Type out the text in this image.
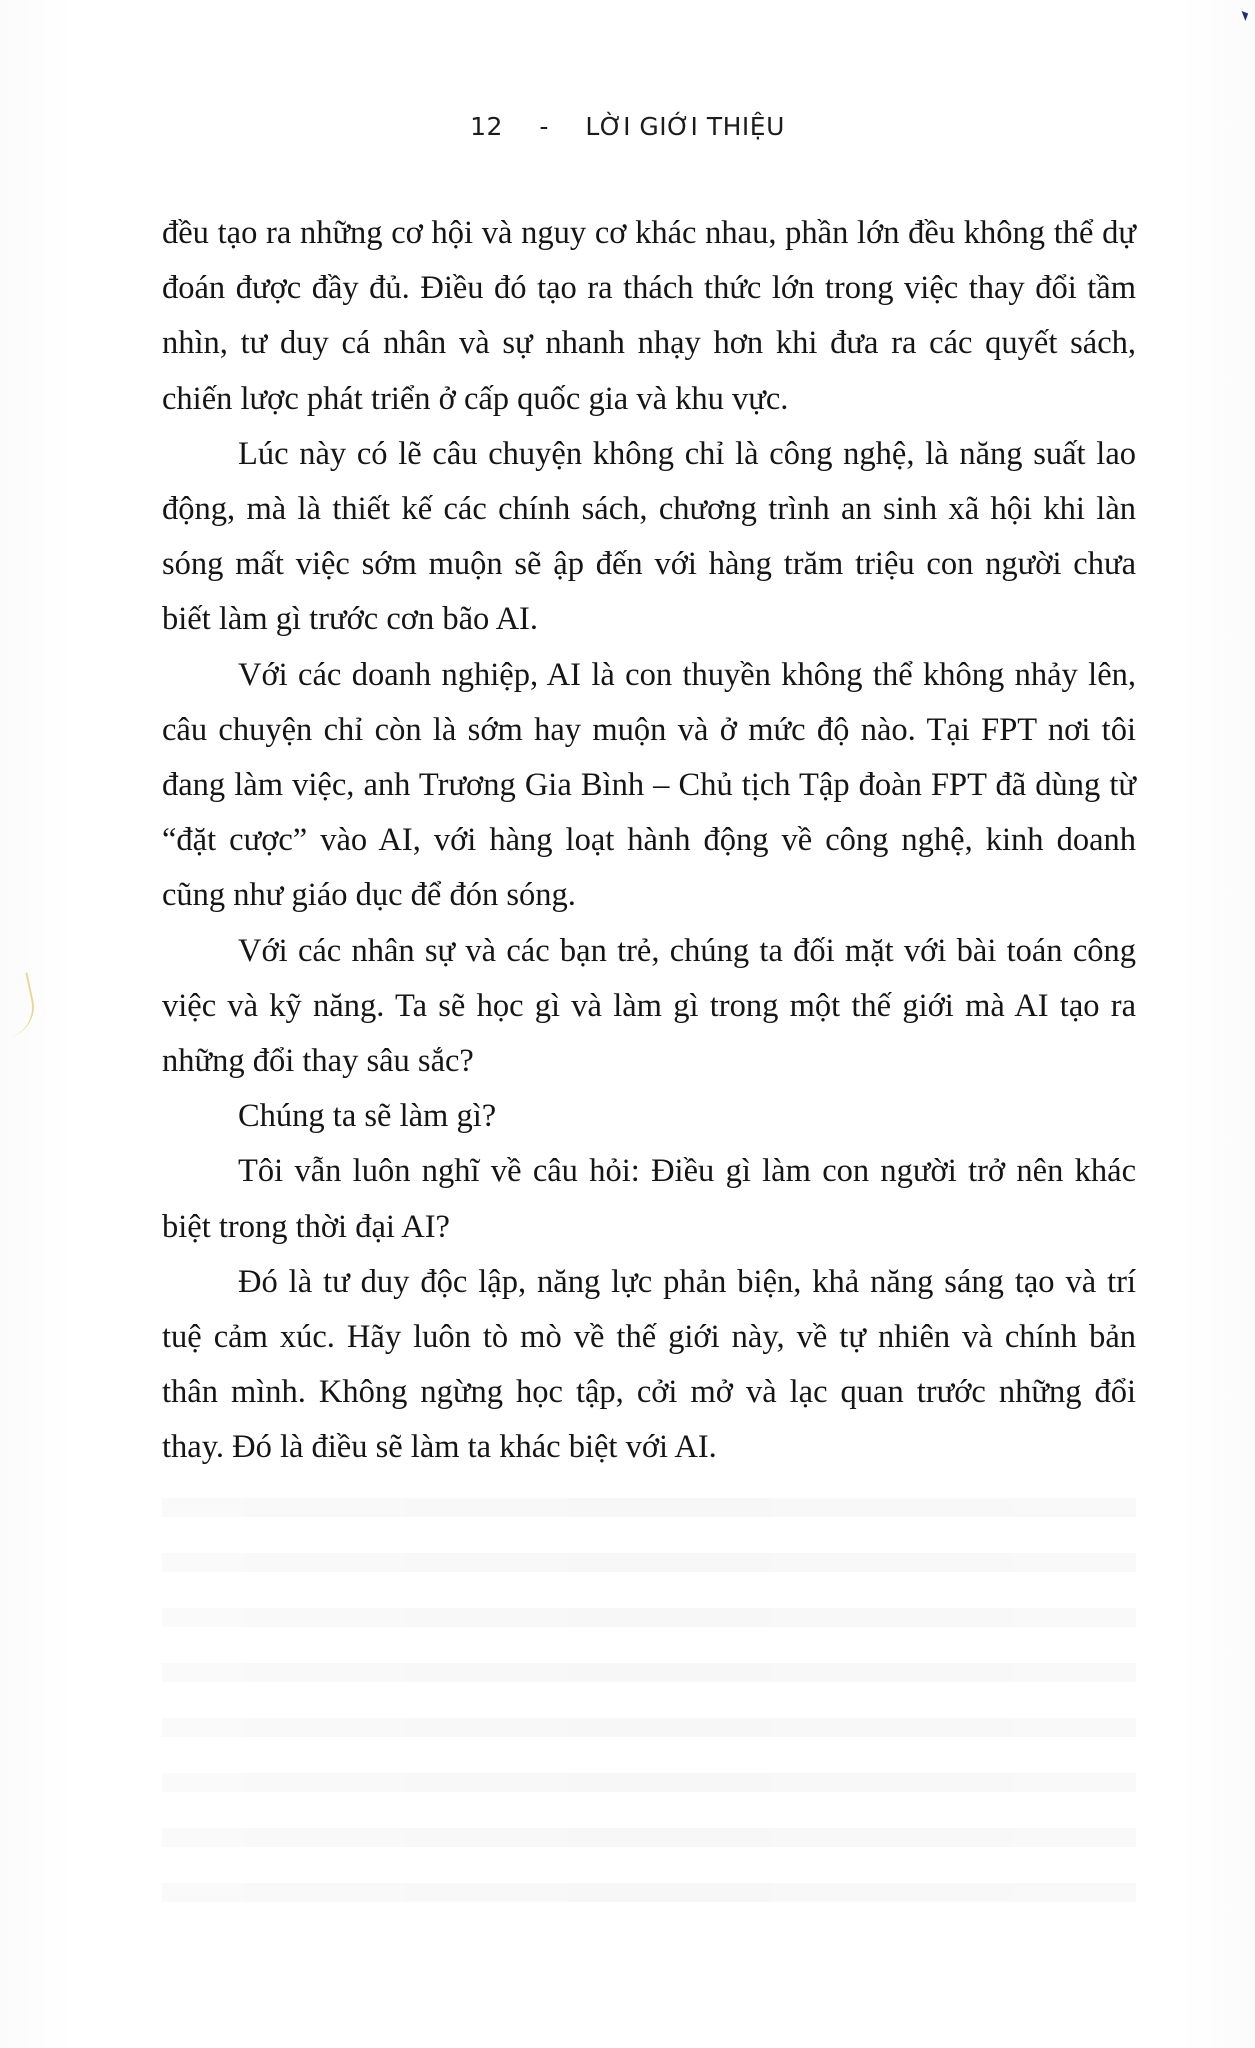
12 - LỜI GIỚI THIỆU

đều tạo ra những cơ hội và nguy cơ khác nhau, phần lớn đều không thể dự đoán được đầy đủ. Điều đó tạo ra thách thức lớn trong việc thay đổi tầm nhìn, tư duy cá nhân và sự nhanh nhạy hơn khi đưa ra các quyết sách, chiến lược phát triển ở cấp quốc gia và khu vực.

Lúc này có lẽ câu chuyện không chỉ là công nghệ, là năng suất lao động, mà là thiết kế các chính sách, chương trình an sinh xã hội khi làn sóng mất việc sớm muộn sẽ ập đến với hàng trăm triệu con người chưa biết làm gì trước cơn bão AI.

Với các doanh nghiệp, AI là con thuyền không thể không nhảy lên, câu chuyện chỉ còn là sớm hay muộn và ở mức độ nào. Tại FPT nơi tôi đang làm việc, anh Trương Gia Bình – Chủ tịch Tập đoàn FPT đã dùng từ “đặt cược” vào AI, với hàng loạt hành động về công nghệ, kinh doanh cũng như giáo dục để đón sóng.

Với các nhân sự và các bạn trẻ, chúng ta đối mặt với bài toán công việc và kỹ năng. Ta sẽ học gì và làm gì trong một thế giới mà AI tạo ra những đổi thay sâu sắc?

Chúng ta sẽ làm gì?

Tôi vẫn luôn nghĩ về câu hỏi: Điều gì làm con người trở nên khác biệt trong thời đại AI?

Đó là tư duy độc lập, năng lực phản biện, khả năng sáng tạo và trí tuệ cảm xúc. Hãy luôn tò mò về thế giới này, về tự nhiên và chính bản thân mình. Không ngừng học tập, cởi mở và lạc quan trước những đổi thay. Đó là điều sẽ làm ta khác biệt với AI.
